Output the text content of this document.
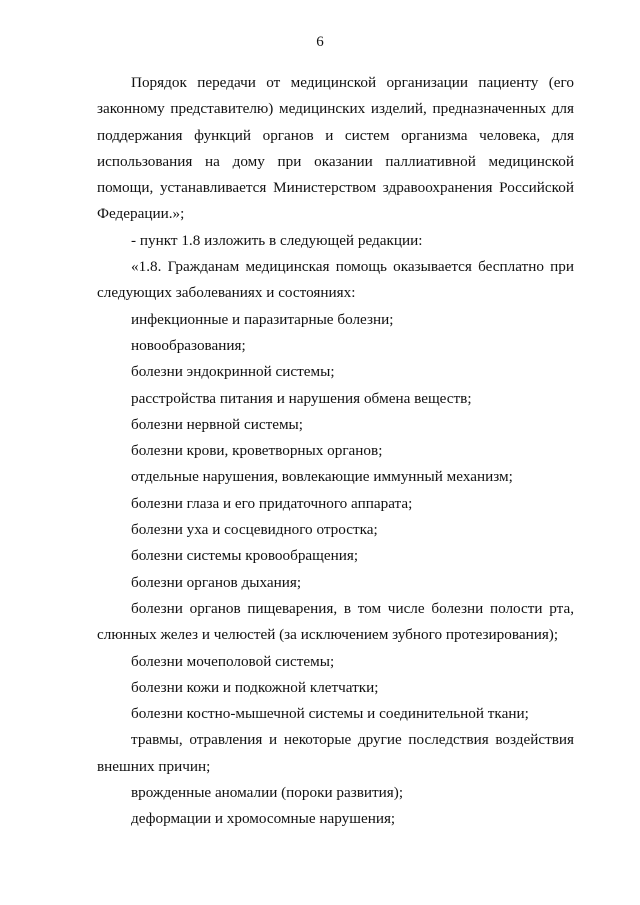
6

Порядок передачи от медицинской организации пациенту (его законному представителю) медицинских изделий, предназначенных для поддержания функций органов и систем организма человека, для использования на дому при оказании паллиативной медицинской помощи, устанавливается Министерством здравоохранения Российской Федерации.»;

- пункт 1.8 изложить в следующей редакции:

«1.8. Гражданам медицинская помощь оказывается бесплатно при следующих заболеваниях и состояниях:

инфекционные и паразитарные болезни;

новообразования;

болезни эндокринной системы;

расстройства питания и нарушения обмена веществ;

болезни нервной системы;

болезни крови, кроветворных органов;

отдельные нарушения, вовлекающие иммунный механизм;

болезни глаза и его придаточного аппарата;

болезни уха и сосцевидного отростка;

болезни системы кровообращения;

болезни органов дыхания;

болезни органов пищеварения, в том числе болезни полости рта, слюнных желез и челюстей (за исключением зубного протезирования);

болезни мочеполовой системы;

болезни кожи и подкожной клетчатки;

болезни костно-мышечной системы и соединительной ткани;

травмы, отравления и некоторые другие последствия воздействия внешних причин;

врожденные аномалии (пороки развития);

деформации и хромосомные нарушения;
